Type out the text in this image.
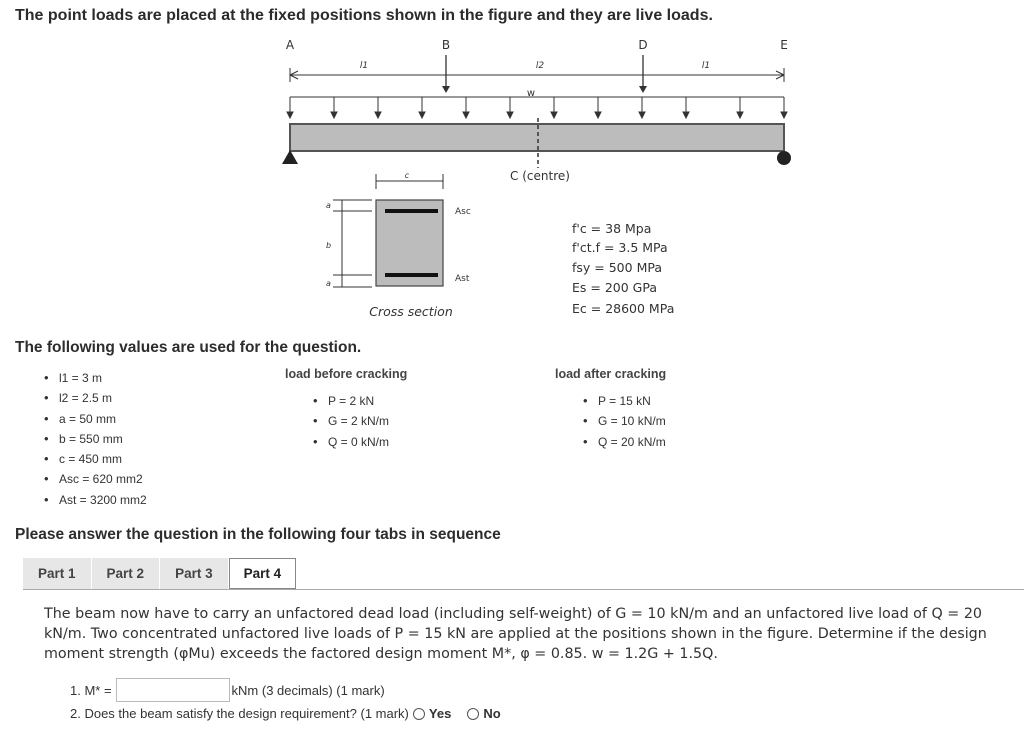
The point loads are placed at the fixed positions shown in the figure and they are live loads.
A	B	D	E
l1	l2	l1
w
C (centre)
c
Asc
Ast
a
b
a
Cross section
f'c = 38 Mpa
f'ct.f = 3.5 MPa
fsy = 500 MPa
Es = 200 GPa
Ec = 28600 MPa
The following values are used for the question.
• l1 = 3 m
• l2 = 2.5 m
• a = 50 mm
• b = 550 mm
• c = 450 mm
• Asc = 620 mm2
• Ast = 3200 mm2
load before cracking
• P = 2 kN
• G = 2 kN/m
• Q = 0 kN/m
load after cracking
• P = 15 kN
• G = 10 kN/m
• Q = 20 kN/m
Please answer the question in the following four tabs in sequence
Part 1	Part 2	Part 3	Part 4
The beam now have to carry an unfactored dead load (including self-weight) of G = 10 kN/m and an unfactored live load of Q = 20 kN/m. Two concentrated unfactored live loads of P = 15 kN are applied at the positions shown in the figure. Determine if the design moment strength (φMu) exceeds the factored design moment M*, φ = 0.85. w = 1.2G + 1.5Q.
1. M* =	kNm (3 decimals) (1 mark)
2. Does the beam satisfy the design requirement? (1 mark) Yes No
